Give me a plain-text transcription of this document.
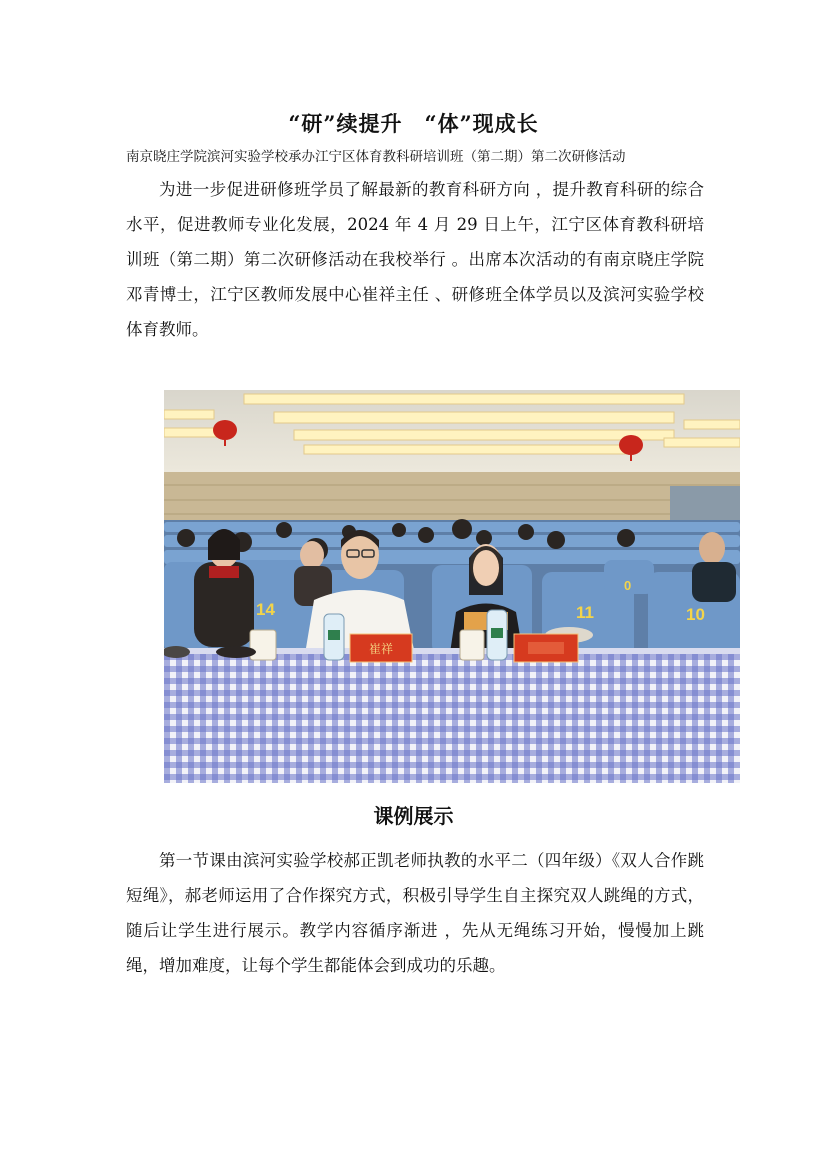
“研”续提升　“体”现成长
南京晓庄学院滨河实验学校承办江宁区体育教科研培训班（第二期）第二次研修活动

为进一步促进研修班学员了解最新的教育科研方向 ，提升教育科研的综合水平，促进教师专业化发展，2024 年 4 月 29 日上午，江宁区体育教科研培训班（第二期）第二次研修活动在我校举行 。出席本次活动的有南京晓庄学院邓青博士，江宁区教师发展中心崔祥主任 、研修班全体学员以及滨河实验学校体育教师。

14	11	10
0
崔祥
课例展示

第一节课由滨河实验学校郝正凯老师执教的水平二（四年级）《双人合作跳短绳》，郝老师运用了合作探究方式，积极引导学生自主探究双人跳绳的方式，随后让学生进行展示。教学内容循序渐进 ，先从无绳练习开始，慢慢加上跳绳，增加难度，让每个学生都能体会到成功的乐趣。
